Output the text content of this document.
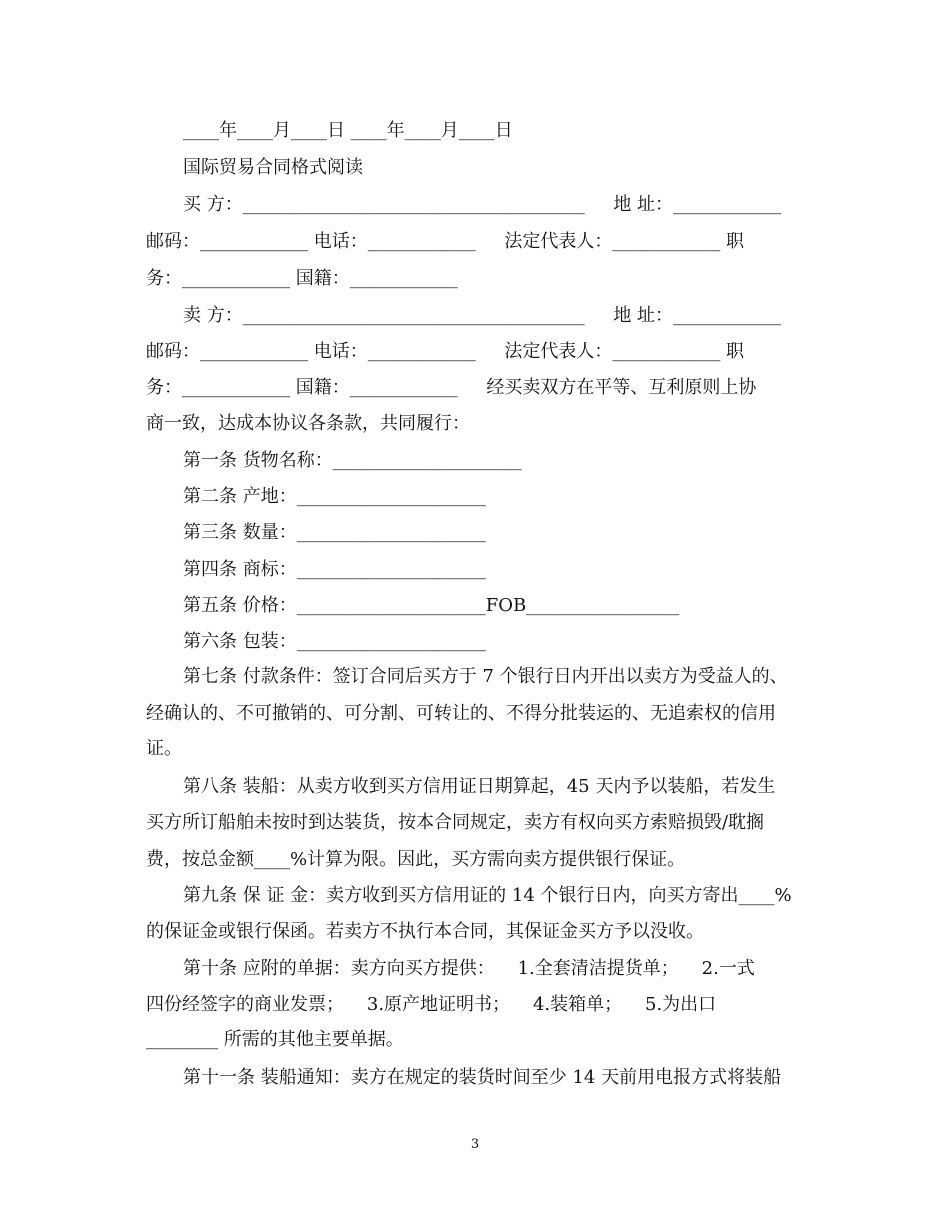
____年____月____日 ____年____月____日
国际贸易合同格式阅读
买 方：______________________________________     地 址：____________
邮码：____________ 电话：____________     法定代表人：____________ 职
务：____________ 国籍：____________
卖 方：______________________________________     地 址：____________
邮码：____________ 电话：____________     法定代表人：____________ 职
务：____________ 国籍：____________     经买卖双方在平等、互利原则上协
商一致，达成本协议各条款，共同履行：
第一条 货物名称：_____________________
第二条 产地：_____________________
第三条 数量：_____________________
第四条 商标：_____________________
第五条 价格：_____________________FOB_________________
第六条 包装：_____________________
第七条 付款条件：签订合同后买方于 7 个银行日内开出以卖方为受益人的、
经确认的、不可撤销的、可分割、可转让的、不得分批装运的、无追索权的信用
证。
第八条 装船：从卖方收到买方信用证日期算起，45 天内予以装船，若发生
买方所订船舶未按时到达装货，按本合同规定，卖方有权向买方索赔损毁/耽搁
费，按总金额____%计算为限。因此，买方需向卖方提供银行保证。
第九条 保 证 金：卖方收到买方信用证的 14 个银行日内，向买方寄出____%
的保证金或银行保函。若卖方不执行本合同，其保证金买方予以没收。
第十条 应附的单据：卖方向买方提供：    1.全套清洁提货单；    2.一式
四份经签字的商业发票；    3.原产地证明书；    4.装箱单；    5.为出口
________ 所需的其他主要单据。
第十一条 装船通知：卖方在规定的装货时间至少 14 天前用电报方式将装船
3
